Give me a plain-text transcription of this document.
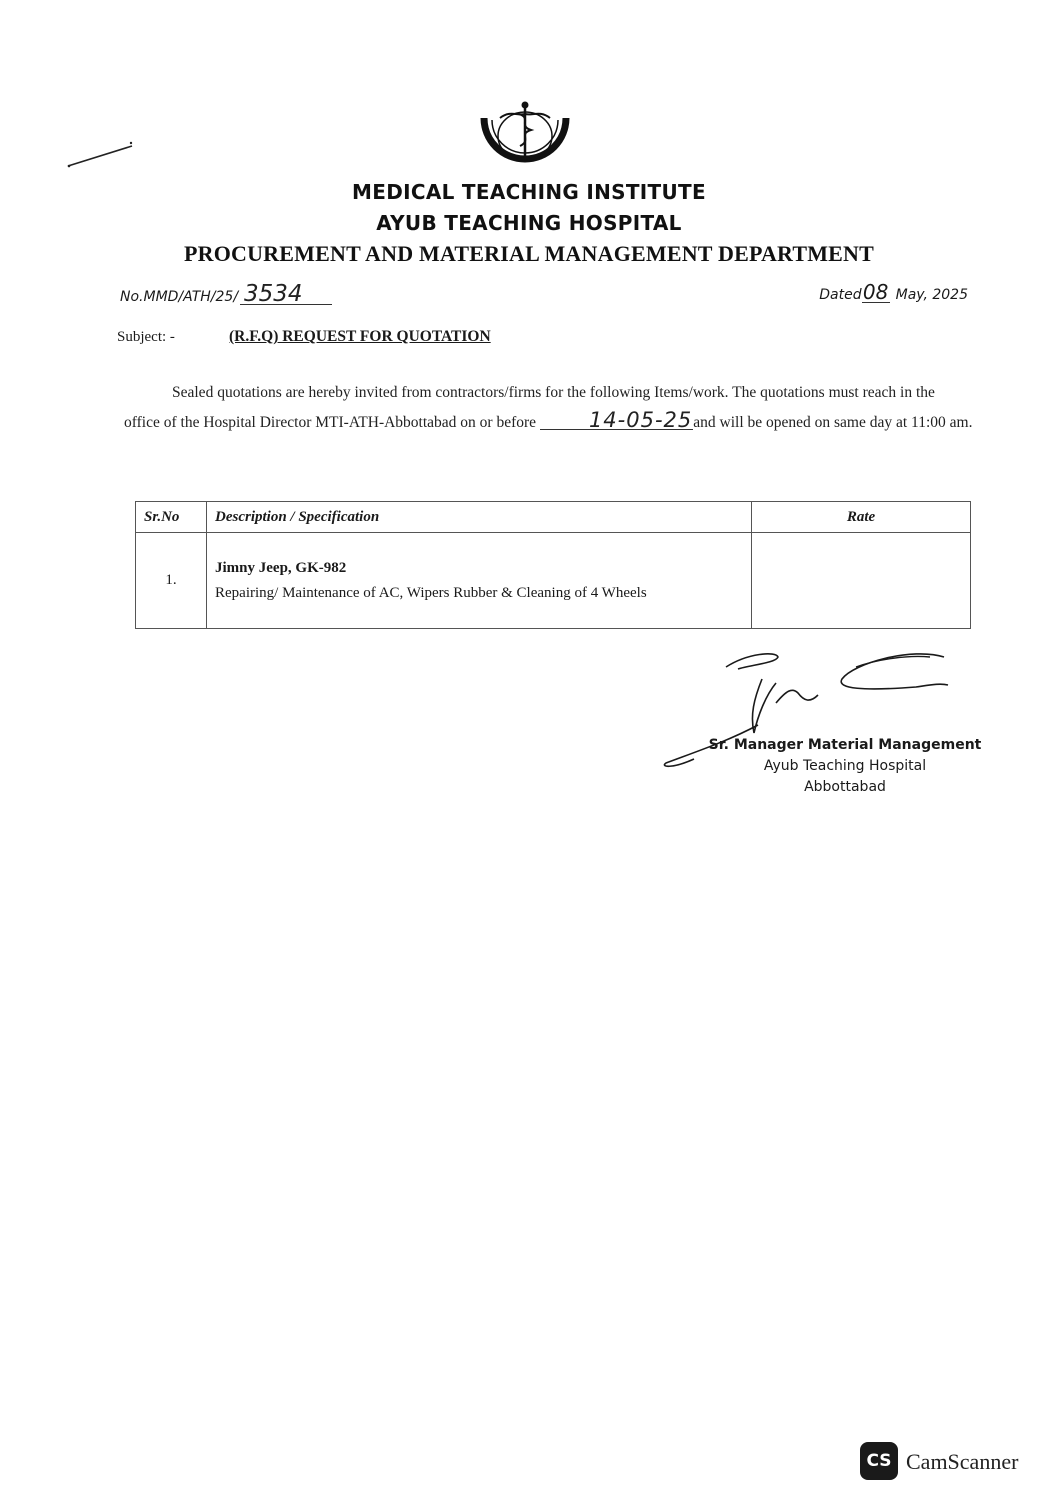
MEDICAL TEACHING INSTITUTE
AYUB TEACHING HOSPITAL
PROCUREMENT AND MATERIAL MANAGEMENT DEPARTMENT
No.MMD/ATH/25/ 3534	Dated 08 May, 2025
Subject: -	(R.F.Q) REQUEST FOR QUOTATION
Sealed quotations are hereby invited from contractors/firms for the following Items/work. The quotations must reach in the office of the Hospital Director MTI-ATH-Abbottabad on or before 14-05-25and will be opened on same day at 11:00 am.
Sr.No	Description / Specification	Rate
1.	Jimny Jeep, GK-982
Repairing/ Maintenance of AC, Wipers Rubber & Cleaning of 4 Wheels	

Sr. Manager Material Management
Ayub Teaching Hospital
Abbottabad
CS CamScanner
